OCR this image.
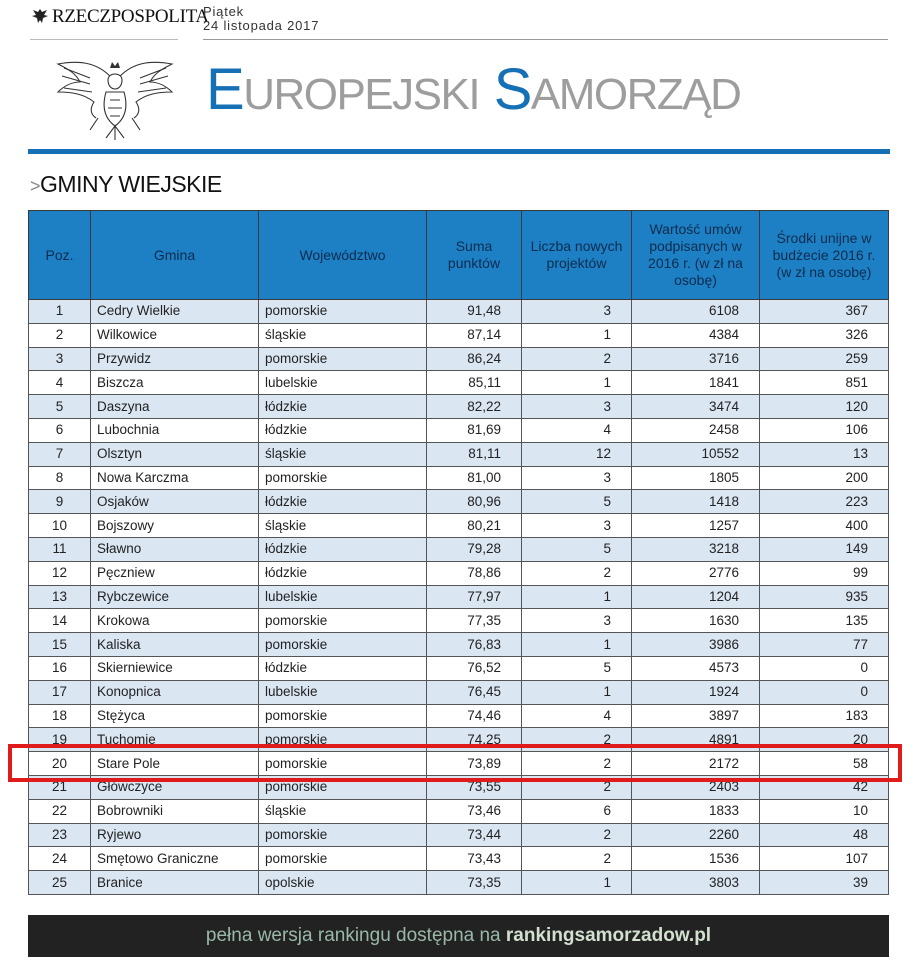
RZECZPOSPOLITA
Piątek
24 listopada 2017
EUROPEJSKI SAMORZĄD
>GMINY WIEJSKIE
Poz.	Gmina	Województwo	Suma punktów	Liczba nowych projektów	Wartość umów podpisanych w 2016 r. (w zł na osobę)	Środki unijne w budżecie 2016 r. (w zł na osobę)
1	Cedry Wielkie	pomorskie	91,48	3	6108	367
2	Wilkowice	śląskie	87,14	1	4384	326
3	Przywidz	pomorskie	86,24	2	3716	259
4	Biszcza	lubelskie	85,11	1	1841	851
5	Daszyna	łódzkie	82,22	3	3474	120
6	Lubochnia	łódzkie	81,69	4	2458	106
7	Olsztyn	śląskie	81,11	12	10552	13
8	Nowa Karczma	pomorskie	81,00	3	1805	200
9	Osjaków	łódzkie	80,96	5	1418	223
10	Bojszowy	śląskie	80,21	3	1257	400
11	Sławno	łódzkie	79,28	5	3218	149
12	Pęczniew	łódzkie	78,86	2	2776	99
13	Rybczewice	lubelskie	77,97	1	1204	935
14	Krokowa	pomorskie	77,35	3	1630	135
15	Kaliska	pomorskie	76,83	1	3986	77
16	Skierniewice	łódzkie	76,52	5	4573	0
17	Konopnica	lubelskie	76,45	1	1924	0
18	Stężyca	pomorskie	74,46	4	3897	183
19	Tuchomie	pomorskie	74,25	2	4891	20
20	Stare Pole	pomorskie	73,89	2	2172	58
21	Główczyce	pomorskie	73,55	2	2403	42
22	Bobrowniki	śląskie	73,46	6	1833	10
23	Ryjewo	pomorskie	73,44	2	2260	48
24	Smętowo Graniczne	pomorskie	73,43	2	1536	107
25	Branice	opolskie	73,35	1	3803	39
pełna wersja rankingu dostępna na rankingsamorzadow.pl
